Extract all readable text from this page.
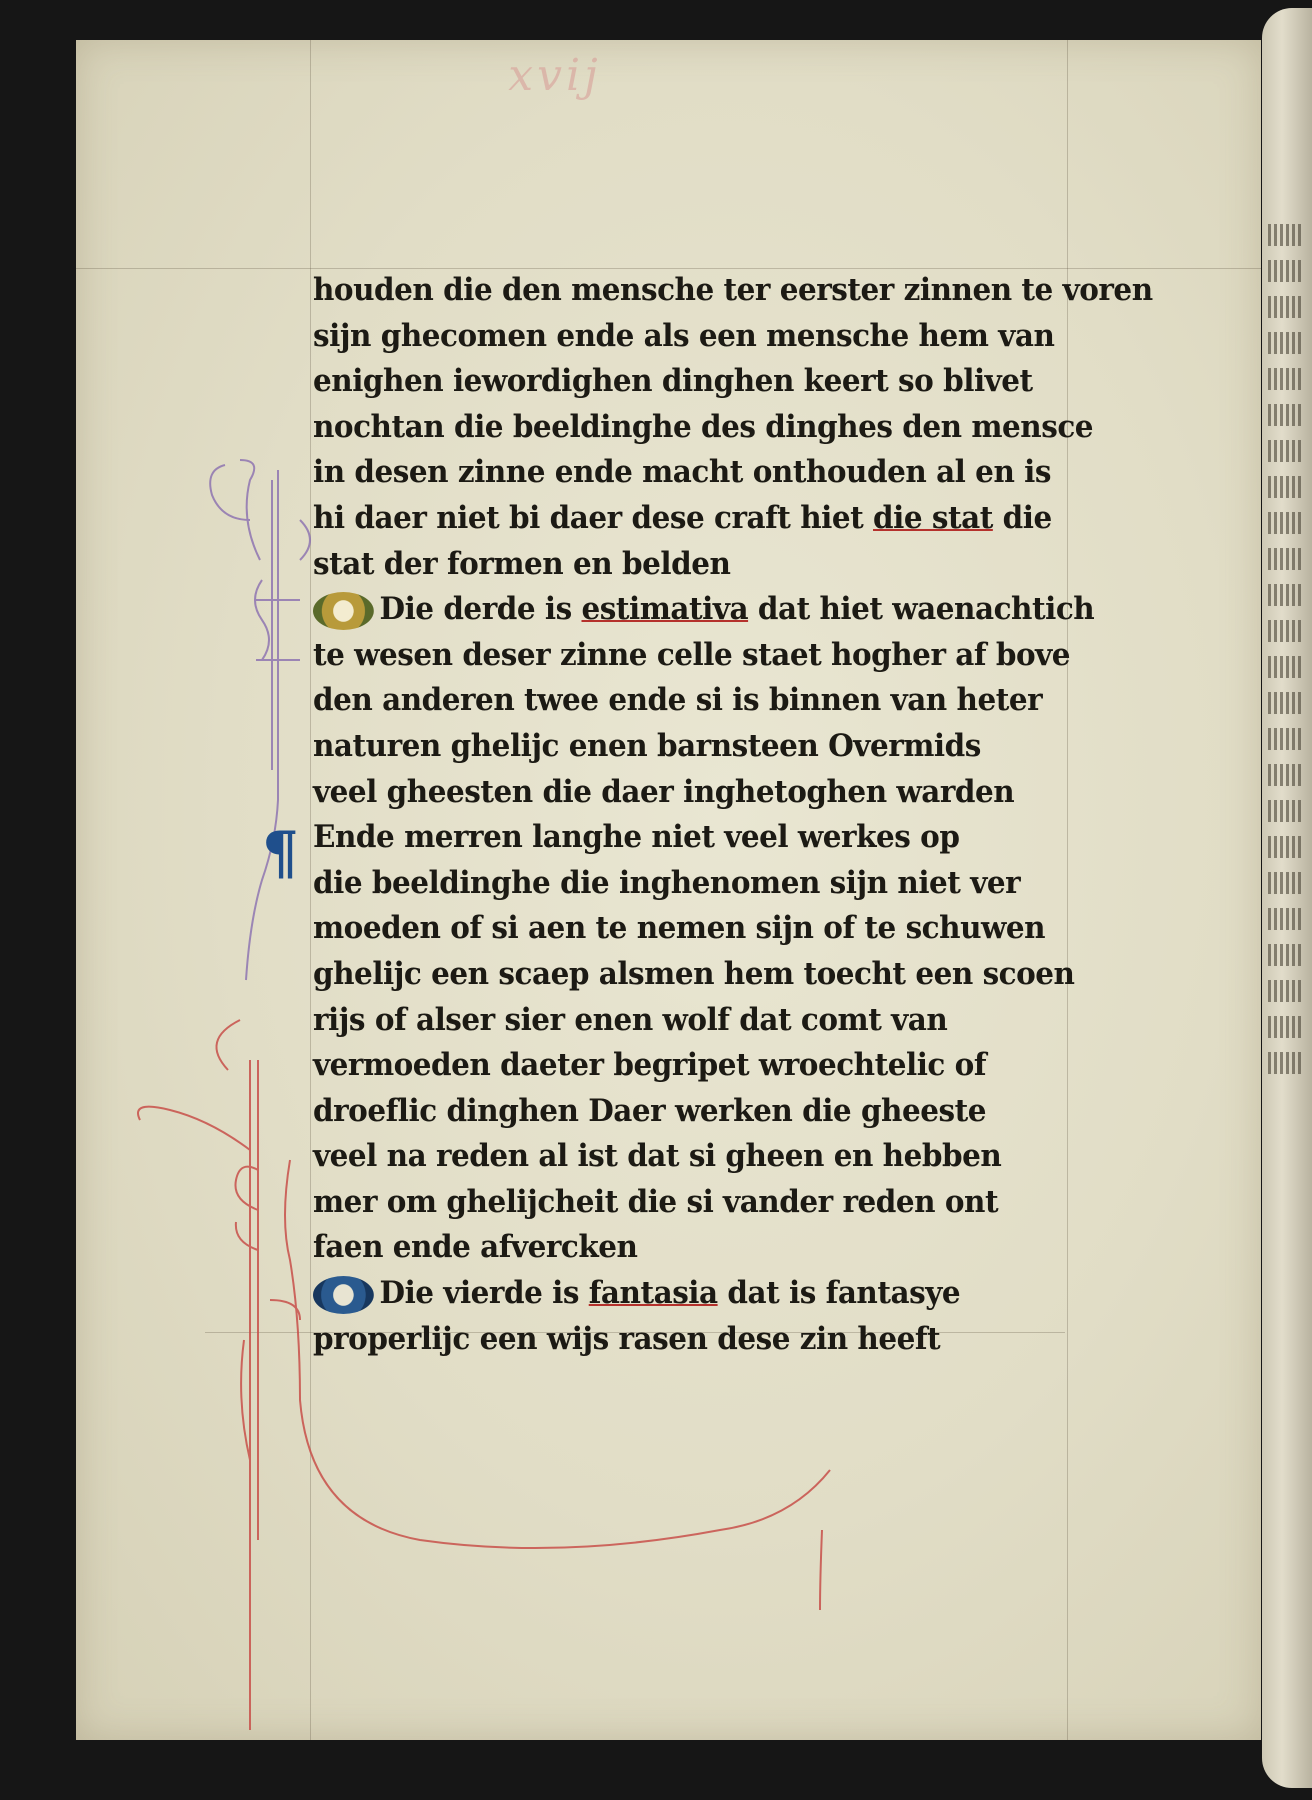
xvij
¶
houden die den mensche ter eerster zinnen te voren
sijn ghecomen ende als een mensche hem van
enighen iewordighen dinghen keert so blivet
nochtan die beeldinghe des dinghes den mensce
in desen zinne ende macht onthouden al en is
hi daer niet bi daer dese craft hiet die stat die
stat der formen en belden
Die derde is estimativa dat hiet waenachtich
te wesen deser zinne celle staet hogher af bove
den anderen twee ende si is binnen van heter
naturen ghelijc enen barnsteen Overmids
veel gheesten die daer inghetoghen warden
Ende merren langhe niet veel werkes op
die beeldinghe die inghenomen sijn niet ver
moeden of si aen te nemen sijn of te schuwen
ghelijc een scaep alsmen hem toecht een scoen
rijs of alser sier enen wolf dat comt van
vermoeden daeter begripet wroechtelic of
droeflic dinghen Daer werken die gheeste
veel na reden al ist dat si gheen en hebben
mer om ghelijcheit die si vander reden ont
faen ende afvercken
Die vierde is fantasia dat is fantasye
properlijc een wijs rasen dese zin heeft
